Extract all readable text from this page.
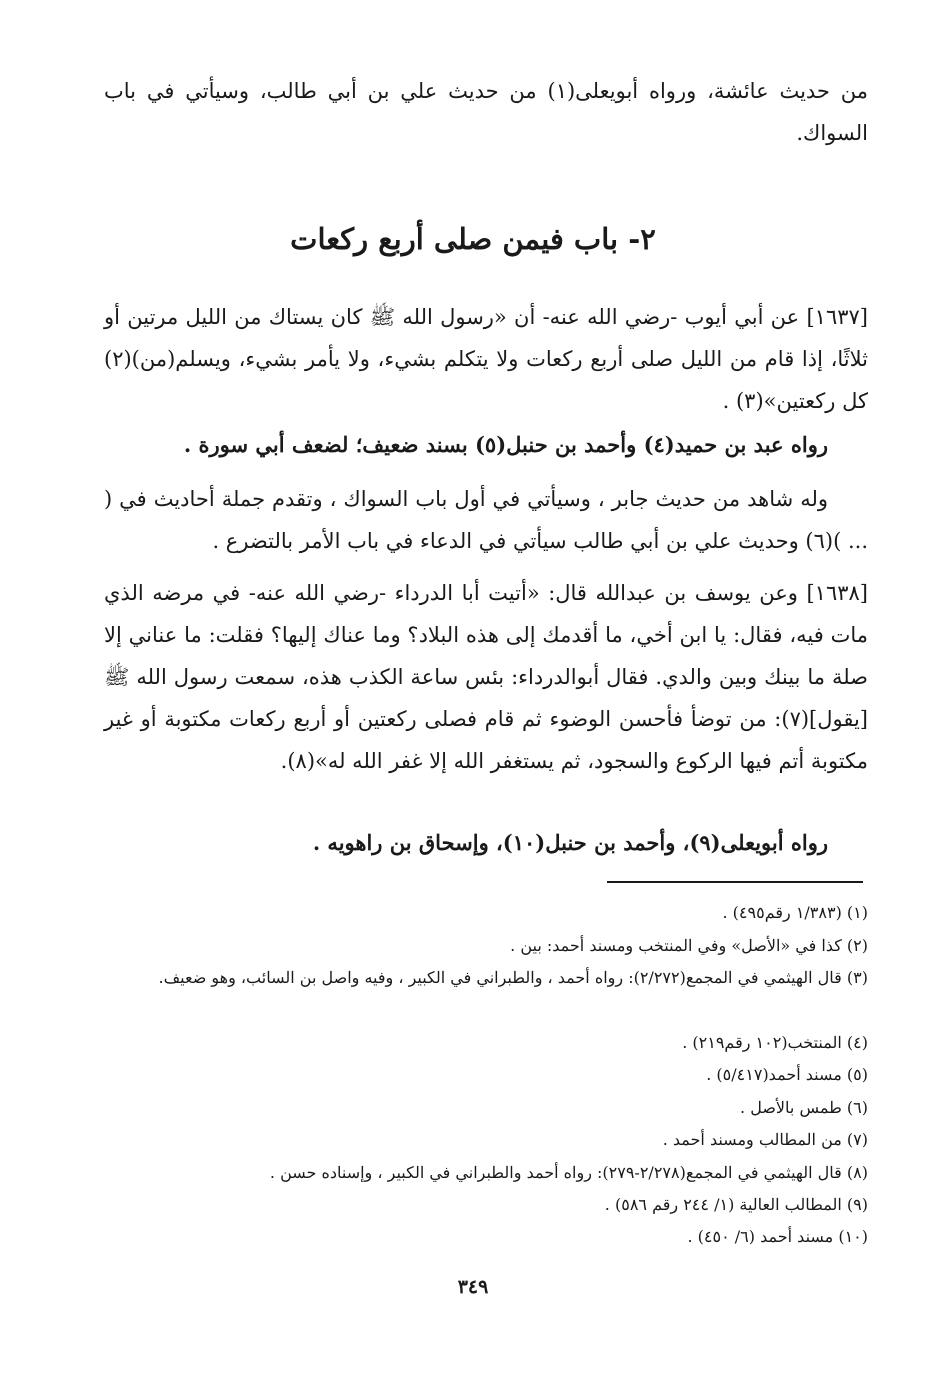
من حديث عائشة، ورواه أبويعلى(١) من حديث علي بن أبي طالب، وسيأتي في باب السواك.

٢- باب فيمن صلى أربع ركعات

[١٦٣٧] عن أبي أيوب -رضي الله عنه- أن «رسول الله ﷺ كان يستاك من الليل مرتين أو ثلاثًا، إذا قام من الليل صلى أربع ركعات ولا يتكلم بشيء، ولا يأمر بشيء، ويسلم(من)(٢) كل ركعتين»(٣) .

رواه عبد بن حميد(٤) وأحمد بن حنبل(٥) بسند ضعيف؛ لضعف أبي سورة .

وله شاهد من حديث جابر ، وسيأتي في أول باب السواك ، وتقدم جملة أحاديث في ( ... )(٦) وحديث علي بن أبي طالب سيأتي في الدعاء في باب الأمر بالتضرع .

[١٦٣٨] وعن يوسف بن عبدالله قال: «أتيت أبا الدرداء -رضي الله عنه- في مرضه الذي مات فيه، فقال: يا ابن أخي، ما أقدمك إلى هذه البلاد؟ وما عناك إليها؟ فقلت: ما عناني إلا صلة ما بينك وبين والدي. فقال أبوالدرداء: بئس ساعة الكذب هذه، سمعت رسول الله ﷺ [يقول](٧): من توضأ فأحسن الوضوء ثم قام فصلى ركعتين أو أربع ركعات مكتوبة أو غير مكتوبة أتم فيها الركوع والسجود، ثم يستغفر الله إلا غفر الله له»(٨).

رواه أبويعلى(٩)، وأحمد بن حنبل(١٠)، وإسحاق بن راهويه .

(١) (١/٣٨٣ رقم٤٩٥) .
(٢) كذا في «الأصل» وفي المنتخب ومسند أحمد: بين .
(٣) قال الهيثمي في المجمع(٢/٢٧٢): رواه أحمد ، والطبراني في الكبير ، وفيه واصل بن السائب، وهو ضعيف.
(٤) المنتخب(١٠٢ رقم٢١٩) .
(٥) مسند أحمد(٥/٤١٧) .
(٦) طمس بالأصل .
(٧) من المطالب ومسند أحمد .
(٨) قال الهيثمي في المجمع(٢/٢٧٨-٢٧٩): رواه أحمد والطبراني في الكبير ، وإسناده حسن .
(٩) المطالب العالية (١/ ٢٤٤ رقم ٥٨٦) .
(١٠) مسند أحمد (٦/ ٤٥٠) .
٣٤٩
